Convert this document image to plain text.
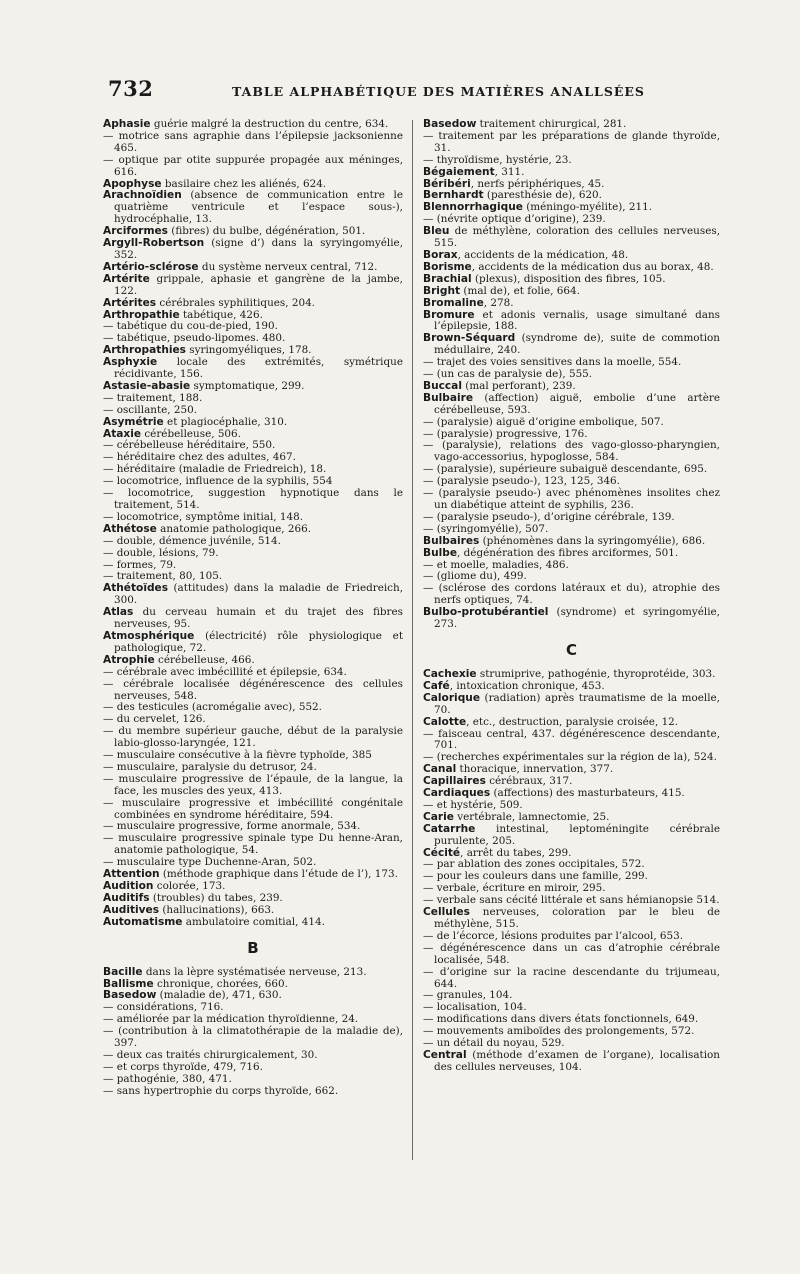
732	TABLE ALPHABÉTIQUE DES MATIÈRES ANALLSÉES
Aphasie guérie malgré la destruction du centre, 634.
— motrice sans agraphie dans l’épilepsie jacksonienne 465.
— optique par otite suppurée propagée aux méninges, 616.
Apophyse basilaire chez les aliénés, 624.
Arachnoïdien (absence de communication entre le quatrième ventricule et l’espace sous-), hydrocéphalie, 13.
Arciformes (fibres) du bulbe, dégénération, 501.
Argyll-Robertson (signe d’) dans la syryingomyélie, 352.
Artério-sclérose du système nerveux central, 712.
Artérite grippale, aphasie et gangrène de la jambe, 122.
Artérites cérébrales syphilitiques, 204.
Arthropathie tabétique, 426.
— tabétique du cou-de-pied, 190.
— tabétique, pseudo-lipomes. 480.
Arthropathies syringomyéliques, 178.
Asphyxie locale des extrémités, symétrique récidivante, 156.
Astasie-abasie symptomatique, 299.
— traitement, 188.
— oscillante, 250.
Asymétrie et plagiocéphalie, 310.
Ataxie cérébelleuse, 506.
— cérébelleuse héréditaire, 550.
— héréditaire chez des adultes, 467.
— héréditaire (maladie de Friedreich), 18.
— locomotrice, influence de la syphilis, 554
— locomotrice, suggestion hypnotique dans le traitement, 514.
— locomotrice, symptôme initial, 148.
Athétose anatomie pathologique, 266.
— double, démence juvénile, 514.
— double, lésions, 79.
— formes, 79.
— traitement, 80, 105.
Athétoïdes (attitudes) dans la maladie de Friedreich, 300.
Atlas du cerveau humain et du trajet des fibres nerveuses, 95.
Atmosphérique (électricité) rôle physiologique et pathologique, 72.
Atrophie cérébelleuse, 466.
— cérébrale avec imbécillité et épilepsie, 634.
— cérébrale localisée dégénérescence des cellules nerveuses, 548.
— des testicules (acromégalie avec), 552.
— du cervelet, 126.
— du membre supérieur gauche, début de la paralysie labio-glosso-laryngée, 121.
— musculaire consécutive à la fièvre typhoïde, 385
— musculaire, paralysie du detrusor, 24.
— musculaire progressive de l’épaule, de la langue, la face, les muscles des yeux, 413.
— musculaire progressive et imbécillité congénitale combinées en syndrome héréditaire, 594.
— musculaire progressive, forme anormale, 534.
— musculaire progressive spinale type Du henne-Aran, anatomie pathologique, 54.
— musculaire type Duchenne-Aran, 502.
Attention (méthode graphique dans l’étude de l’), 173.
Audition colorée, 173.
Auditifs (troubles) du tabes, 239.
Auditives (hallucinations), 663.
Automatisme ambulatoire comitial, 414.
B
Bacille dans la lèpre systématisée nerveuse, 213.
Ballisme chronique, chorées, 660.
Basedow (maladie de), 471, 630.
— considérations, 716.
— améliorée par la médication thyroïdienne, 24.
— (contribution à la climatothérapie de la maladie de), 397.
— deux cas traités chirurgicalement, 30.
— et corps thyroïde, 479, 716.
— pathogénie, 380, 471.
— sans hypertrophie du corps thyroïde, 662.
Basedow traitement chirurgical, 281.
— traitement par les préparations de glande thyroïde, 31.
— thyroïdisme, hystérie, 23.
Bégaiement, 311.
Béribéri, nerfs périphériques, 45.
Bernhardt (paresthésie de), 620.
Blennorrhagique (méningo-myélite), 211.
— (névrite optique d’origine), 239.
Bleu de méthylène, coloration des cellules nerveuses, 515.
Borax, accidents de la médication, 48.
Borisme, accidents de la médication dus au borax, 48.
Brachial (plexus), disposition des fibres, 105.
Bright (mal de), et folie, 664.
Bromaline, 278.
Bromure et adonis vernalis, usage simultané dans l’épilepsie, 188.
Brown-Séquard (syndrome de), suite de commotion médullaire, 240.
— trajet des voies sensitives dans la moelle, 554.
— (un cas de paralysie de), 555.
Buccal (mal perforant), 239.
Bulbaire (affection) aiguë, embolie d’une artère cérébelleuse, 593.
— (paralysie) aiguë d’origine embolique, 507.
— (paralysie) progressive, 176.
— (paralysie), relations des vago-glosso-pharyngien, vago-accessorius, hypoglosse, 584.
— (paralysie), supérieure subaiguë descendante, 695.
— (paralysie pseudo-), 123, 125, 346.
— (paralysie pseudo-) avec phénomènes insolites chez un diabétique atteint de syphilis, 236.
— (paralysie pseudo-), d’origine cérébrale, 139.
— (syringomyélie), 507.
Bulbaires (phénomènes dans la syringomyélie), 686.
Bulbe, dégénération des fibres arciformes, 501.
— et moelle, maladies, 486.
— (gliome du), 499.
— (sclérose des cordons latéraux et du), atrophie des nerfs optiques, 74.
Bulbo-protubérantiel (syndrome) et syringomyélie, 273.
C
Cachexie strumiprive, pathogénie, thyroprotéide, 303.
Café, intoxication chronique, 453.
Calorique (radiation) après traumatisme de la moelle, 70.
Calotte, etc., destruction, paralysie croisée, 12.
— faisceau central, 437. dégénérescence descendante, 701.
— (recherches expérimentales sur la région de la), 524.
Canal thoracique, innervation, 377.
Capillaires cérébraux, 317.
Cardiaques (affections) des masturbateurs, 415.
— et hystérie, 509.
Carie vertébrale, lamnectomie, 25.
Catarrhe intestinal, leptoméningite cérébrale purulente, 205.
Cécité, arrêt du tabes, 299.
— par ablation des zones occipitales, 572.
— pour les couleurs dans une famille, 299.
— verbale, écriture en miroir, 295.
— verbale sans cécité littérale et sans hémianopsie 514.
Cellules nerveuses, coloration par le bleu de méthylène, 515.
— de l’écorce, lésions produites par l’alcool, 653.
— dégénérescence dans un cas d’atrophie cérébrale localisée, 548.
— d’origine sur la racine descendante du trijumeau, 644.
— granules, 104.
— localisation, 104.
— modifications dans divers états fonctionnels, 649.
— mouvements amiboïdes des prolongements, 572.
— un détail du noyau, 529.
Central (méthode d’examen de l’organe), localisation des cellules nerveuses, 104.
